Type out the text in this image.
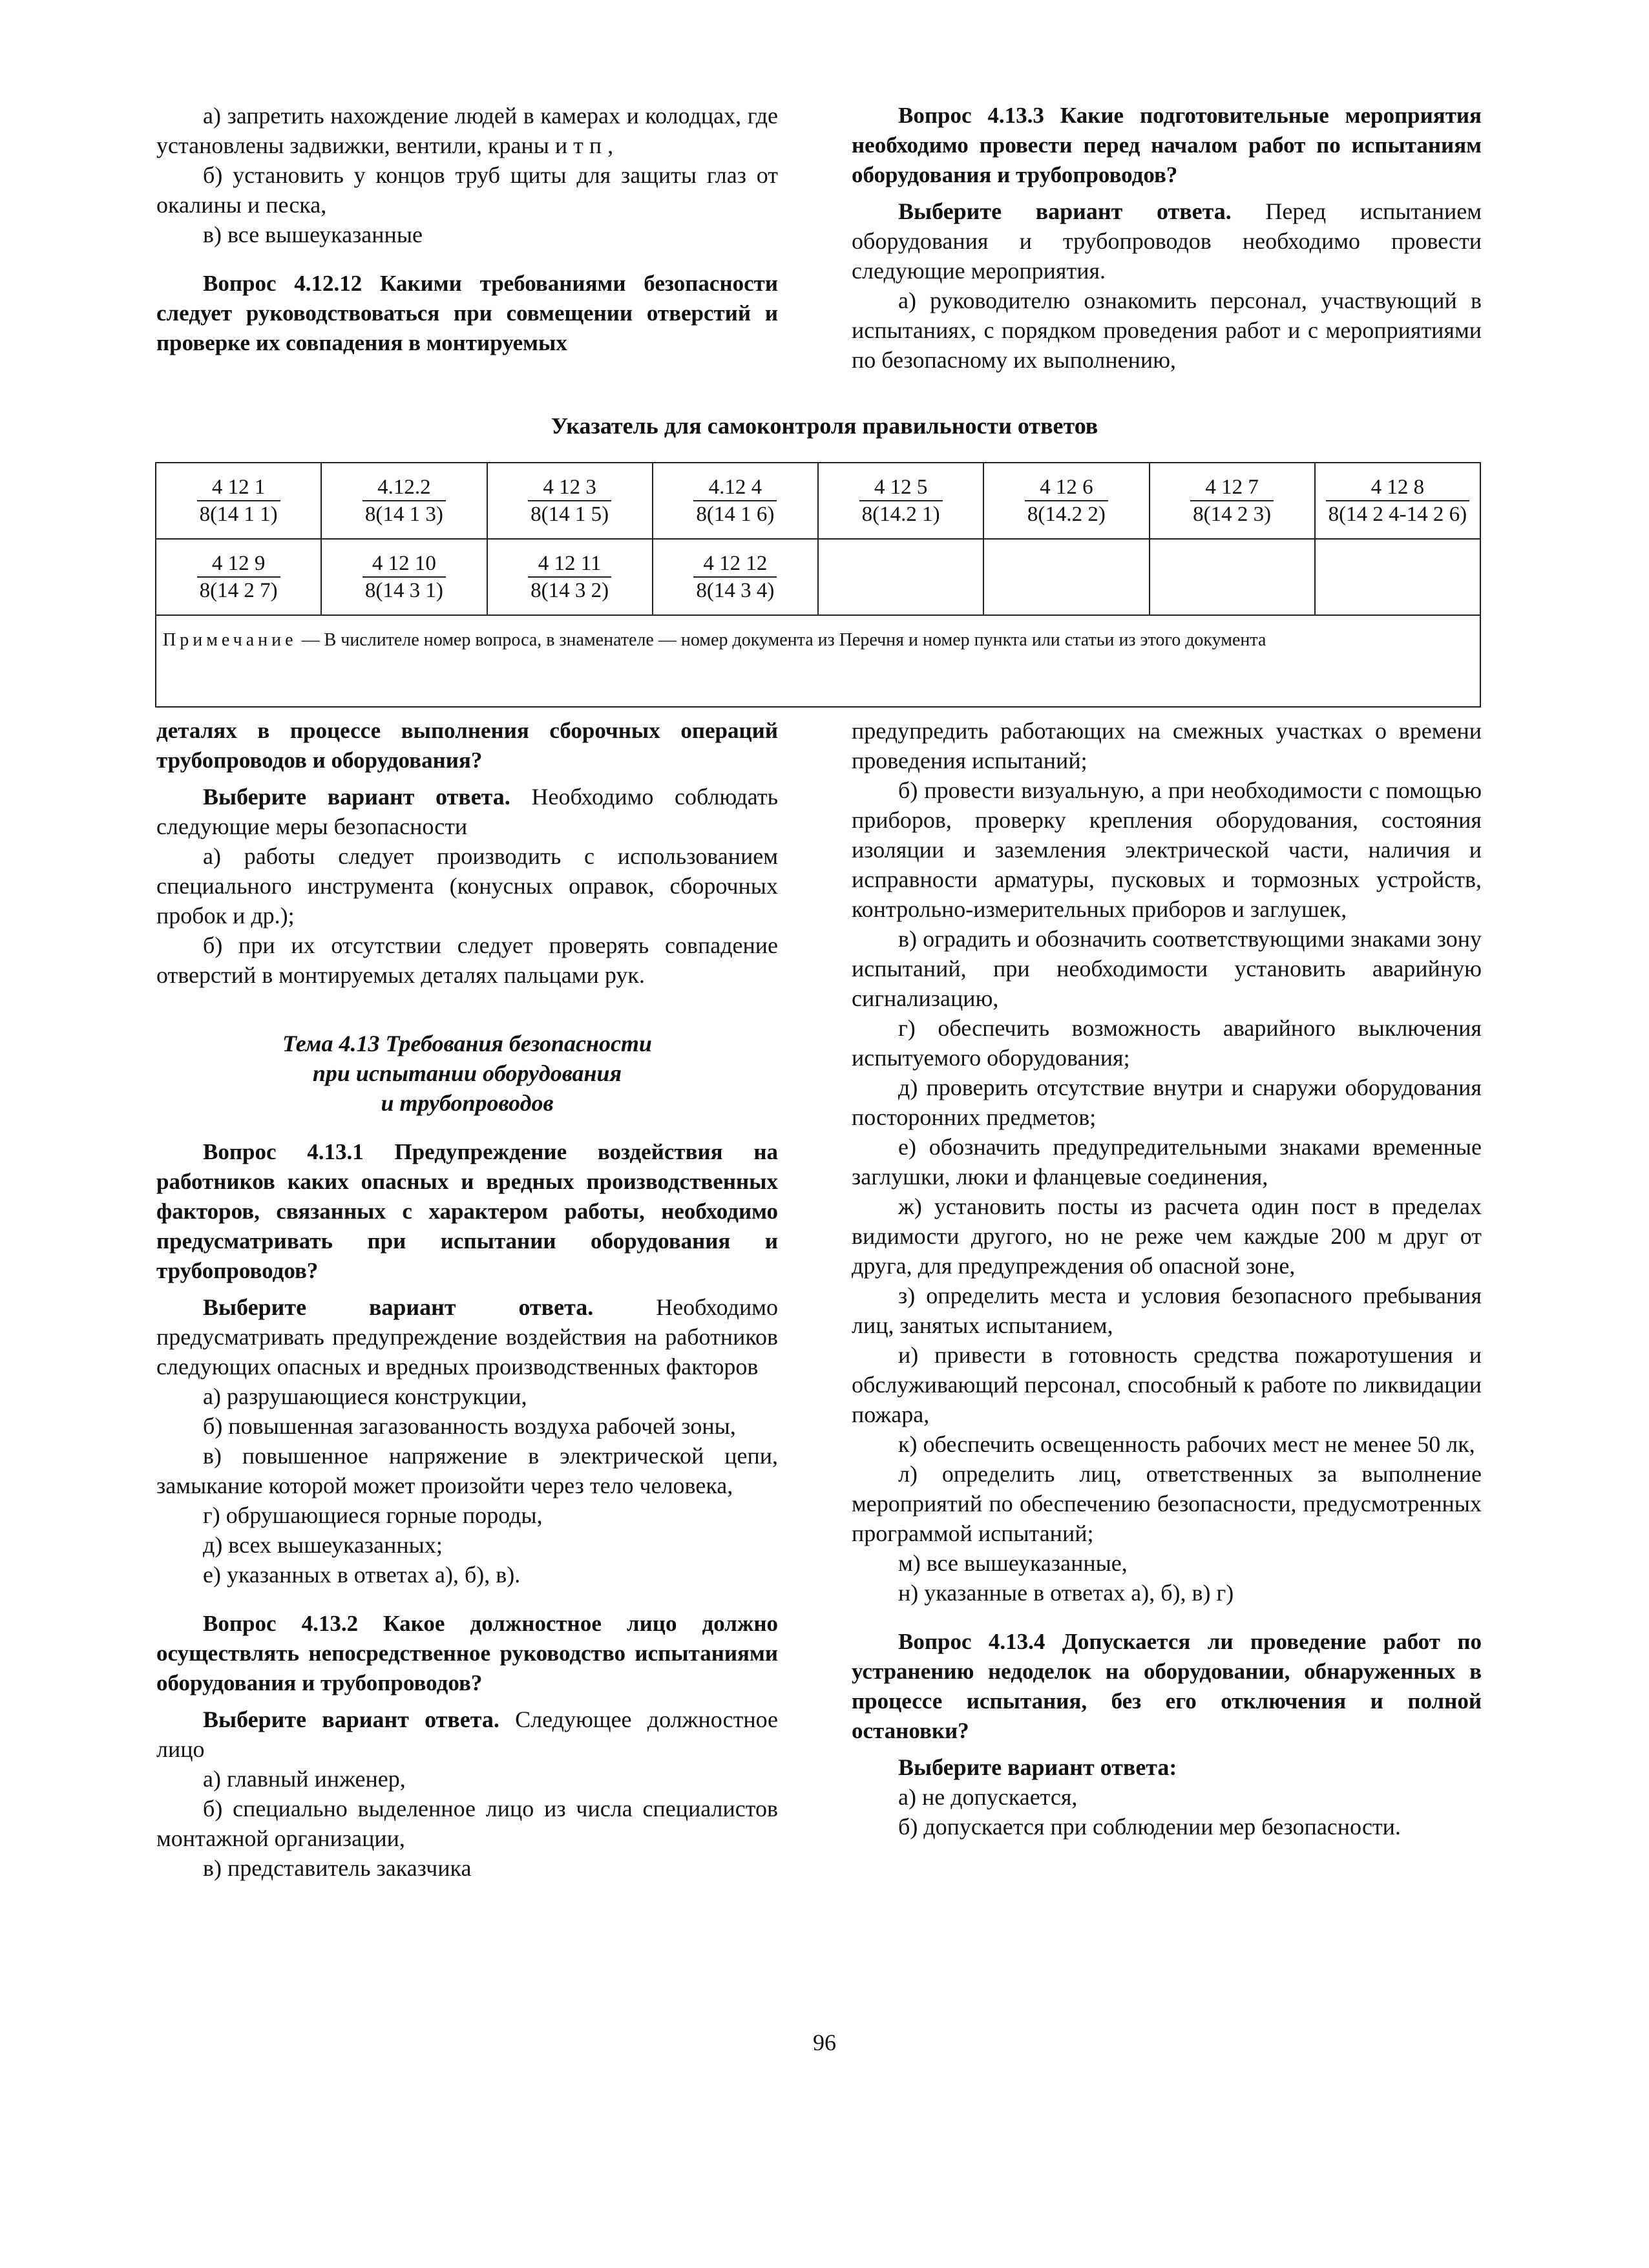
а) запретить нахождение людей в камерах и колодцах, где установлены задвижки, вентили, краны и т п ,

б) установить у концов труб щиты для защиты глаз от окалины и песка,

в) все вышеуказанные

Вопрос 4.12.12 Какими требованиями безопасности следует руководствоваться при совмещении отверстий и проверке их совпадения в монтируемых

Вопрос 4.13.3 Какие подготовительные мероприятия необходимо провести перед началом работ по испытаниям оборудования и трубопроводов?

Выберите вариант ответа. Перед испытанием оборудования и трубопроводов необходимо провести следующие мероприятия.

а) руководителю ознакомить персонал, участвующий в испытаниях, с порядком проведения работ и с мероприятиями по безопасному их выполнению,

Указатель для самоконтроля правильности ответов
$\frac{4 12 1}{8(14 1 1)}$	$\frac{4.12.2}{8(14 1 3)}$	$\frac{4 12 3}{8(14 1 5)}$	$\frac{4.12 4}{8(14 1 6)}$	$\frac{4 12 5}{8(14.2 1)}$	$\frac{4 12 6}{8(14.2 2)}$	$\frac{4 12 7}{8(14 2 3)}$	$\frac{4 12 8}{8(14 2 4-14 2 6)}$

$\frac{4 12 9}{8(14 2 7)}$	$\frac{4 12 10}{8(14 3 1)}$	$\frac{4 12 11}{8(14 3 2)}$	$\frac{4 12 12}{8(14 3 4)}$

Примечание — В числителе номер вопроса, в знаменателе — номер документа из Перечня и номер пункта или статьи из этого документа							

деталях в процессе выполнения сборочных операций трубопроводов и оборудования?

Выберите вариант ответа. Необходимо соблюдать следующие меры безопасности

а) работы следует производить с использованием специального инструмента (конусных оправок, сборочных пробок и др.);

б) при их отсутствии следует проверять совпадение отверстий в монтируемых деталях пальцами рук.

Тема 4.13 Требования безопасности

при испытании оборудования

и трубопроводов

Вопрос 4.13.1 Предупреждение воздействия на работников каких опасных и вредных производственных факторов, связанных с характером работы, необходимо предусматривать при испытании оборудования и трубопроводов?

Выберите вариант ответа. Необходимо предусматривать предупреждение воздействия на работников следующих опасных и вредных производственных факторов

а) разрушающиеся конструкции,

б) повышенная загазованность воздуха рабочей зоны,

в) повышенное напряжение в электрической цепи, замыкание которой может произойти через тело человека,

г) обрушающиеся горные породы,

д) всех вышеуказанных;

е) указанных в ответах а), б), в).

Вопрос 4.13.2 Какое должностное лицо должно осуществлять непосредственное руководство испытаниями оборудования и трубопроводов?

Выберите вариант ответа. Следующее должностное лицо

а) главный инженер,

б) специально выделенное лицо из числа специалистов монтажной организации,

в) представитель заказчика

предупредить работающих на смежных участках о времени проведения испытаний;

б) провести визуальную, а при необходимости с помощью приборов, проверку крепления оборудования, состояния изоляции и заземления электрической части, наличия и исправности арматуры, пусковых и тормозных устройств, контрольно-измерительных приборов и заглушек,

в) оградить и обозначить соответствующими знаками зону испытаний, при необходимости установить аварийную сигнализацию,

г) обеспечить возможность аварийного выключения испытуемого оборудования;

д) проверить отсутствие внутри и снаружи оборудования посторонних предметов;

е) обозначить предупредительными знаками временные заглушки, люки и фланцевые соединения,

ж) установить посты из расчета один пост в пределах видимости другого, но не реже чем каждые 200 м друг от друга, для предупреждения об опасной зоне,

з) определить места и условия безопасного пребывания лиц, занятых испытанием,

и) привести в готовность средства пожаротушения и обслуживающий персонал, способный к работе по ликвидации пожара,

к) обеспечить освещенность рабочих мест не менее 50 лк,

л) определить лиц, ответственных за выполнение мероприятий по обеспечению безопасности, предусмотренных программой испытаний;

м) все вышеуказанные,

н) указанные в ответах а), б), в) г)

Вопрос 4.13.4 Допускается ли проведение работ по устранению недоделок на оборудовании, обнаруженных в процессе испытания, без его отключения и полной остановки?

Выберите вариант ответа:

а) не допускается,

б) допускается при соблюдении мер безопасности.

96
